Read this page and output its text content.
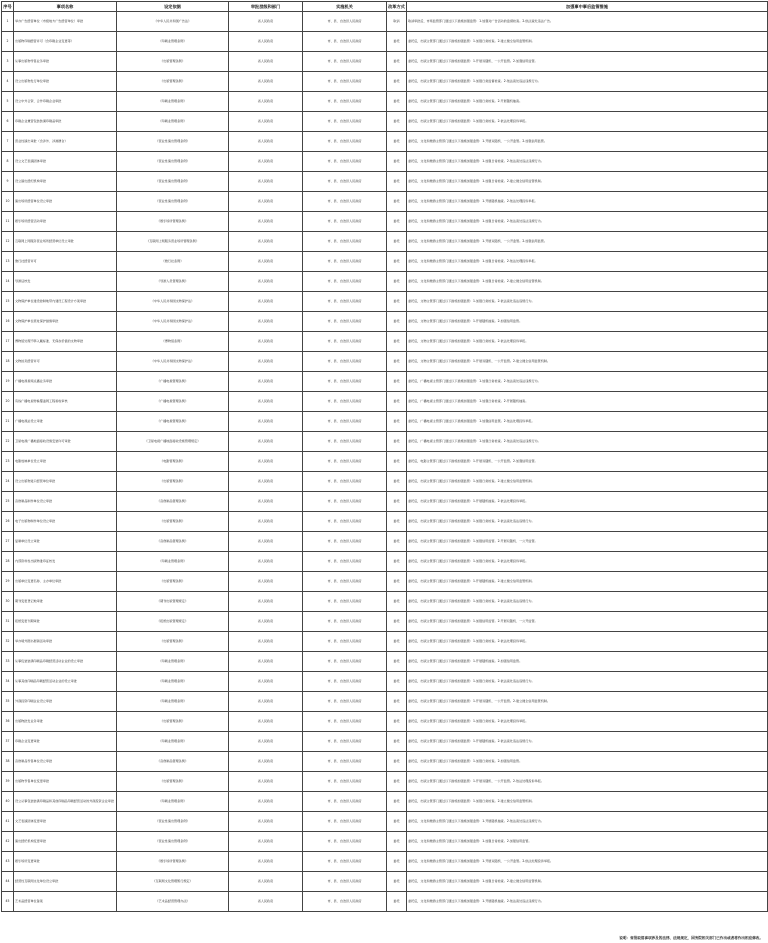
序号	事项名称	设定依据	审批层级和部门	实施机关	改革方式	加强事中事后监管措施
1	举办广告经营单位（市级地方广告经营单位）审批	《中华人民共和国广告法》	省人民政府	市、县、自治县人民政府	取消	取消审批后，市场监管部门通过以下措施加强监管：1.加强对广告活动的监督检查。2.依法查处违法广告。
2	出版物印刷经营许可（含印刷企业变更等）	《印刷业管理条例》	省人民政府	市、县、自治县人民政府	委托	委托后，出版主管部门通过以下措施加强监管：1.加强日常检查。2.建立健全信用监管机制。
3	从事出版物零售业务审批	《出版管理条例》	省人民政府	市、县、自治县人民政府	委托	委托后，出版主管部门通过以下措施加强监管：1.开展双随机、一公开监管。2.加强信用监管。
4	设立出版物发行单位审批	《出版管理条例》	省人民政府	市、县、自治县人民政府	委托	委托后，出版主管部门通过以下措施加强监管：1.加强日常监督检查。2.依法查处违法违规行为。
5	设立中外合资、合作印刷企业审批	《印刷业管理条例》	省人民政府	市、县、自治县人民政府	委托	委托后，出版主管部门通过以下措施加强监管：1.加强日常检查。2.开展随机抽查。
6	印刷企业兼营包装装潢印刷品审批	《印刷业管理条例》	省人民政府	市、县、自治县人民政府	委托	委托后，出版主管部门通过以下措施加强监管：1.加强日常检查。2.依法处理投诉举报。
7	营业性演出审批（含涉外、涉港澳台）	《营业性演出管理条例》	省人民政府	市、县、自治县人民政府	委托	委托后，文化和旅游主管部门通过以下措施加强监管：1.开展双随机、一公开监管。2.加强信用监管。
8	设立文艺表演团体审批	《营业性演出管理条例》	省人民政府	市、县、自治县人民政府	委托	委托后，文化和旅游主管部门通过以下措施加强监管：1.加强日常检查。2.依法查处违法违规行为。
9	设立演出经纪机构审批	《营业性演出管理条例》	省人民政府	市、县、自治县人民政府	委托	委托后，文化和旅游主管部门通过以下措施加强监管：1.加强日常检查。2.建立健全信用监管机制。
10	演出场所经营单位设立审批	《营业性演出管理条例》	省人民政府	市、县、自治县人民政府	委托	委托后，文化和旅游主管部门通过以下措施加强监管：1.开展随机抽查。2.依法处理投诉举报。
11	娱乐场所经营活动审批	《娱乐场所管理条例》	省人民政府	市、县、自治县人民政府	委托	委托后，文化和旅游主管部门通过以下措施加强监管：1.加强日常检查。2.依法查处违法违规行为。
12	互联网上网服务营业场所经营单位设立审批	《互联网上网服务营业场所管理条例》	省人民政府	市、县、自治县人民政府	委托	委托后，文化和旅游主管部门通过以下措施加强监管：1.开展双随机、一公开监管。2.加强信用监管。
13	旅行社经营许可	《旅行社条例》	省人民政府	市、县、自治县人民政府	委托	委托后，文化和旅游主管部门通过以下措施加强监管：1.加强日常检查。2.依法处理投诉举报。
14	导游证核发	《导游人员管理条例》	省人民政府	市、县、自治县人民政府	委托	委托后，文化和旅游主管部门通过以下措施加强监管：1.加强日常检查。2.建立健全信用监管机制。
15	文物保护单位建设控制地带内建设工程设计方案审批	《中华人民共和国文物保护法》	省人民政府	市、县、自治县人民政府	委托	委托后，文物主管部门通过以下措施加强监管：1.加强日常检查。2.依法查处违法违规行为。
16	文物保护单位原址保护措施审批	《中华人民共和国文物保护法》	省人民政府	市、县、自治县人民政府	委托	委托后，文物主管部门通过以下措施加强监管：1.开展随机抽查。2.加强信用监管。
17	博物馆处理不够入藏标准、无保存价值的文物审批	《博物馆条例》	省人民政府	市、县、自治县人民政府	委托	委托后，文物主管部门通过以下措施加强监管：1.加强日常检查。2.依法处理投诉举报。
18	文物拍卖经营许可	《中华人民共和国文物保护法》	省人民政府	市、县、自治县人民政府	委托	委托后，文物主管部门通过以下措施加强监管：1.开展双随机、一公开监管。2.建立健全信用监管机制。
19	广播电视视频点播业务审批	《广播电视管理条例》	省人民政府	市、县、自治县人民政府	委托	委托后，广播电视主管部门通过以下措施加强监管：1.加强日常检查。2.依法查处违法违规行为。
20	有线广播电视传输覆盖网工程验收审核	《广播电视管理条例》	省人民政府	市、县、自治县人民政府	委托	委托后，广播电视主管部门通过以下措施加强监管：1.加强日常检查。2.开展随机抽查。
21	广播电视站设立审批	《广播电视管理条例》	省人民政府	市、县、自治县人民政府	委托	委托后，广播电视主管部门通过以下措施加强监管：1.加强信用监管。2.依法处理投诉举报。
22	卫星电视广播地面接收设施安装许可审批	《卫星电视广播地面接收设施管理规定》	省人民政府	市、县、自治县人民政府	委托	委托后，广播电视主管部门通过以下措施加强监管：1.加强日常检查。2.依法查处违法违规行为。
23	电影放映单位设立审批	《电影管理条例》	省人民政府	市、县、自治县人民政府	委托	委托后，电影主管部门通过以下措施加强监管：1.开展双随机、一公开监管。2.加强信用监管。
24	设立出版物进口经营单位审批	《出版管理条例》	省人民政府	市、县、自治县人民政府	委托	委托后，出版主管部门通过以下措施加强监管：1.加强日常检查。2.建立健全信用监管机制。
25	音像制品制作单位设立审批	《音像制品管理条例》	省人民政府	市、县、自治县人民政府	委托	委托后，出版主管部门通过以下措施加强监管：1.开展随机抽查。2.依法处理投诉举报。
26	电子出版物制作单位设立审批	《出版管理条例》	省人民政府	市、县、自治县人民政府	委托	委托后，出版主管部门通过以下措施加强监管：1.加强日常检查。2.依法查处违法违规行为。
27	复制单位设立审批	《音像制品管理条例》	省人民政府	市、县、自治县人民政府	委托	委托后，出版主管部门通过以下措施加强监管：1.加强信用监管。2.开展双随机、一公开监管。
28	内部资料性出版物准印证核发	《印刷业管理条例》	省人民政府	市、县、自治县人民政府	委托	委托后，出版主管部门通过以下措施加强监管：1.加强日常检查。2.依法处理投诉举报。
29	出版单位变更名称、主办单位审批	《出版管理条例》	省人民政府	市、县、自治县人民政府	委托	委托后，出版主管部门通过以下措施加强监管：1.开展随机抽查。2.建立健全信用监管机制。
30	期刊变更登记地审批	《期刊出版管理规定》	省人民政府	市、县、自治县人民政府	委托	委托后，出版主管部门通过以下措施加强监管：1.加强日常检查。2.依法查处违法违规行为。
31	报纸变更刊期审批	《报纸出版管理规定》	省人民政府	市、县、自治县人民政府	委托	委托后，出版主管部门通过以下措施加强监管：1.加强信用监管。2.开展双随机、一公开监管。
32	举办境外图书展销活动审批	《出版管理条例》	省人民政府	市、县、自治县人民政府	委托	委托后，出版主管部门通过以下措施加强监管：1.加强日常检查。2.依法处理投诉举报。
33	从事包装装潢印刷品印刷经营活动企业的设立审批	《印刷业管理条例》	省人民政府	市、县、自治县人民政府	委托	委托后，出版主管部门通过以下措施加强监管：1.开展随机抽查。2.加强信用监管。
34	从事其他印刷品印刷经营活动企业的设立审批	《印刷业管理条例》	省人民政府	市、县、自治县人民政府	委托	委托后，出版主管部门通过以下措施加强监管：1.加强日常检查。2.依法查处违法违规行为。
35	外商投资印刷企业设立审批	《印刷业管理条例》	省人民政府	市、县、自治县人民政府	委托	委托后，出版主管部门通过以下措施加强监管：1.开展双随机、一公开监管。2.建立健全信用监管机制。
36	出版物批发业务审批	《出版管理条例》	省人民政府	市、县、自治县人民政府	委托	委托后，出版主管部门通过以下措施加强监管：1.加强日常检查。2.依法处理投诉举报。
37	印刷企业变更审批	《印刷业管理条例》	省人民政府	市、县、自治县人民政府	委托	委托后，出版主管部门通过以下措施加强监管：1.开展随机抽查。2.依法查处违法违规行为。
38	音像制品零售单位设立审批	《音像制品管理条例》	省人民政府	市、县、自治县人民政府	委托	委托后，出版主管部门通过以下措施加强监管：1.加强日常检查。2.加强信用监管。
39	出版物零售单位变更审批	《出版管理条例》	省人民政府	市、县、自治县人民政府	委托	委托后，出版主管部门通过以下措施加强监管：1.开展双随机、一公开监管。2.依法处理投诉举报。
40	设立从事包装装潢印刷品和其他印刷品印刷经营活动的外商投资企业审批	《印刷业管理条例》	省人民政府	市、县、自治县人民政府	委托	委托后，出版主管部门通过以下措施加强监管：1.加强日常检查。2.建立健全信用监管机制。
41	文艺表演团体变更审批	《营业性演出管理条例》	省人民政府	市、县、自治县人民政府	委托	委托后，文化和旅游主管部门通过以下措施加强监管：1.开展随机抽查。2.依法查处违法违规行为。
42	演出经纪机构变更审批	《营业性演出管理条例》	省人民政府	市、县、自治县人民政府	委托	委托后，文化和旅游主管部门通过以下措施加强监管：1.加强日常检查。2.加强信用监管。
43	娱乐场所变更审批	《娱乐场所管理条例》	省人民政府	市、县、自治县人民政府	委托	委托后，文化和旅游主管部门通过以下措施加强监管：1.开展双随机、一公开监管。2.依法处理投诉举报。
44	经营性互联网文化单位设立审批	《互联网文化管理暂行规定》	省人民政府	市、县、自治县人民政府	委托	委托后，文化和旅游主管部门通过以下措施加强监管：1.加强日常检查。2.建立健全信用监管机制。
45	艺术品经营单位备案	《艺术品经营管理办法》	省人民政府	市、县、自治县人民政府	委托	委托后，文化和旅游主管部门通过以下措施加强监管：1.开展随机抽查。2.依法查处违法违规行为。
说明：省级取消事项涉及的法律、法规规定，国务院相关部门已作出或者将作出相应修改。
